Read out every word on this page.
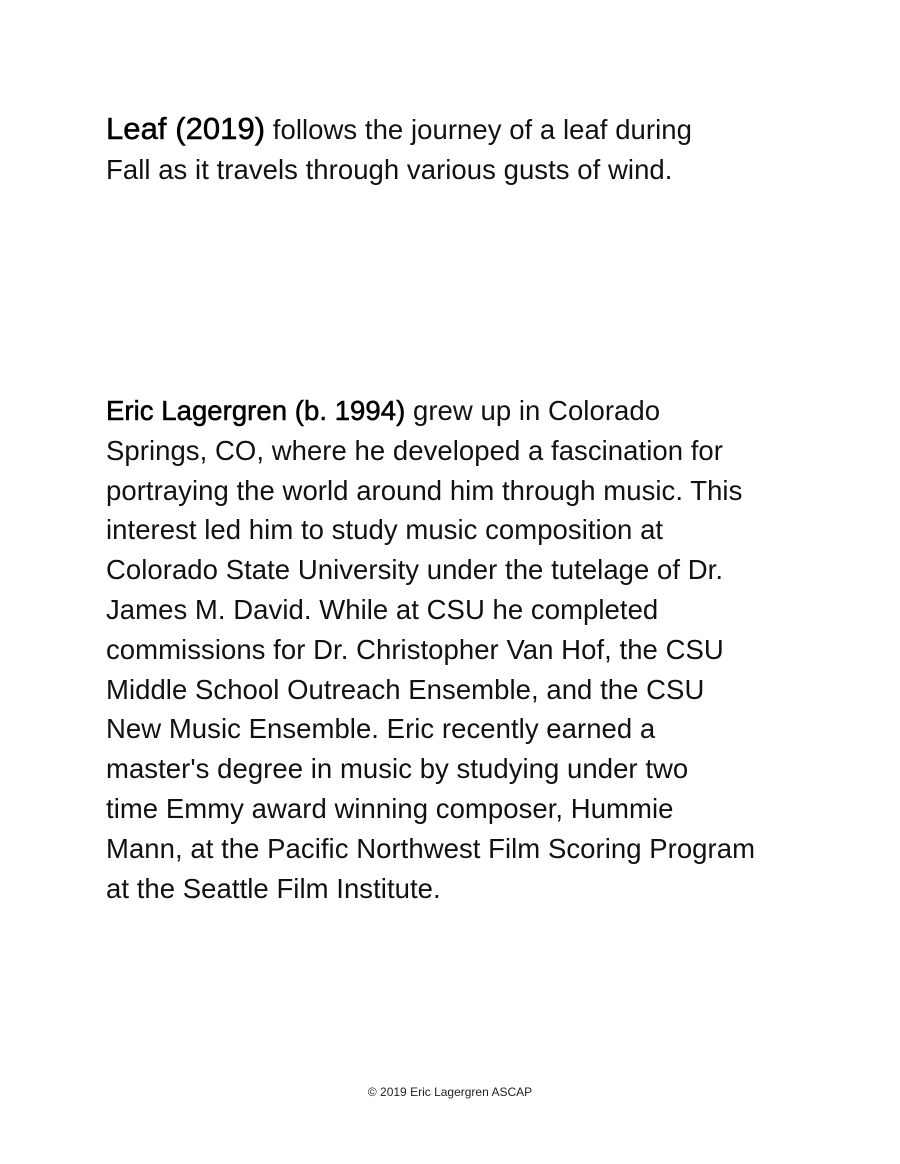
Leaf (2019) follows the journey of a leaf during
Fall as it travels through various gusts of wind.

Eric Lagergren (b. 1994) grew up in Colorado
Springs, CO, where he developed a fascination for
portraying the world around him through music. This
interest led him to study music composition at
Colorado State University under the tutelage of Dr.
James M. David. While at CSU he completed
commissions for Dr. Christopher Van Hof, the CSU
Middle School Outreach Ensemble, and the CSU
New Music Ensemble. Eric recently earned a
master's degree in music by studying under two
time Emmy award winning composer, Hummie
Mann, at the Pacific Northwest Film Scoring Program
at the Seattle Film Institute.

© 2019 Eric Lagergren ASCAP
